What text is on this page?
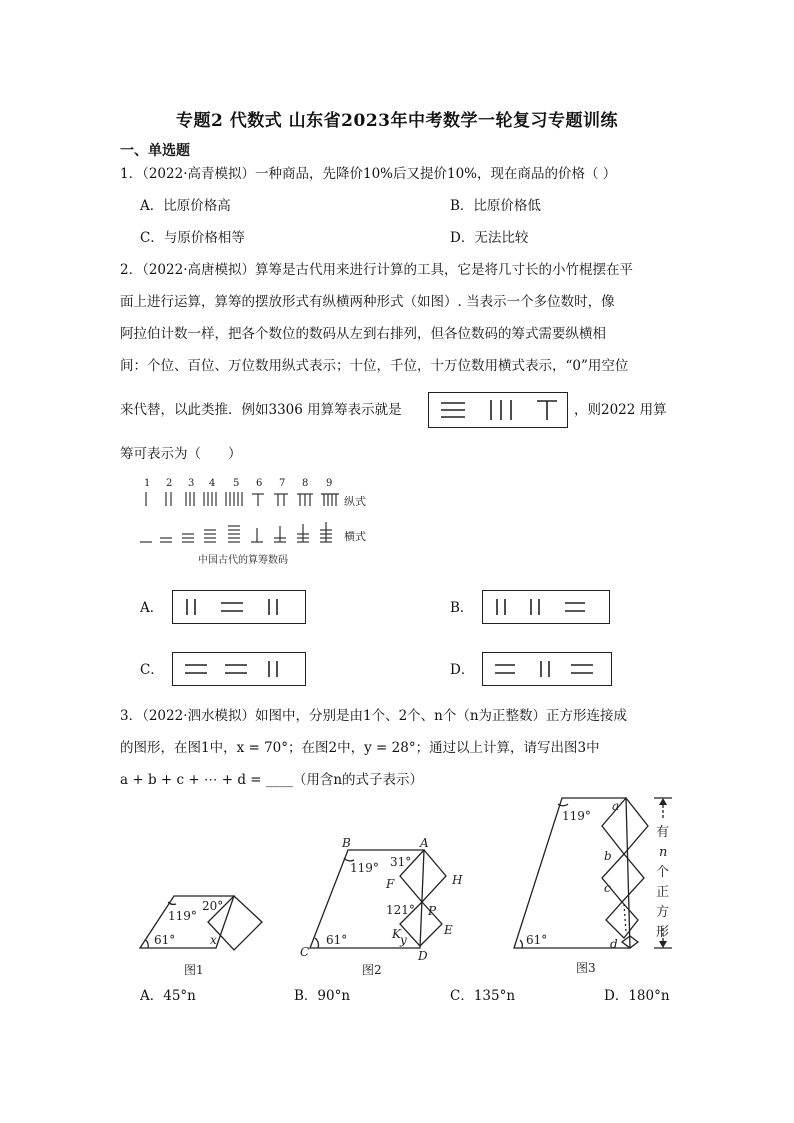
专题2 代数式 山东省2023年中考数学一轮复习专题训练
一、单选题
1．（2022·高青模拟）一种商品，先降价10%后又提价10%，现在商品的价格（ ）
A．比原价格高	B．比原价格低
C．与原价格相等	D．无法比较
2．（2022·高唐模拟）算筹是古代用来进行计算的工具，它是将几寸长的小竹棍摆在平
面上进行运算，算筹的摆放形式有纵横两种形式（如图）. 当表示一个多位数时，像
阿拉伯计数一样，把各个数位的数码从左到右排列，但各位数码的筹式需要纵横相
间：个位、百位、万位数用纵式表示；十位，千位，十万位数用横式表示，“0”用空位
来代替，以此类推．例如3306 用算筹表示就是	，则2022 用算
筹可表示为（　　）
1 2 3 4 5 6 7 8 9
纵式
横式
中国古代的算筹数码
A．	B．
C．	D．
3．（2022·泗水模拟）如图中，分别是由1个、2个、n个（n为正整数）正方形连接成
的图形，在图1中，x = 70°；在图2中，y = 28°；通过以上计算，请写出图3中
a + b + c + ⋯ + d = ____（用含n的式子表示）
119°
20°
61°	x
图1
B	A
F	H
P
K	E
C	D
119° 31°
121°
61°	y
图2
119°
61°
图3
a
b
c
d
有
n
个
正
方
形
A．45°n	B．90°n	C．135°n	D．180°n
